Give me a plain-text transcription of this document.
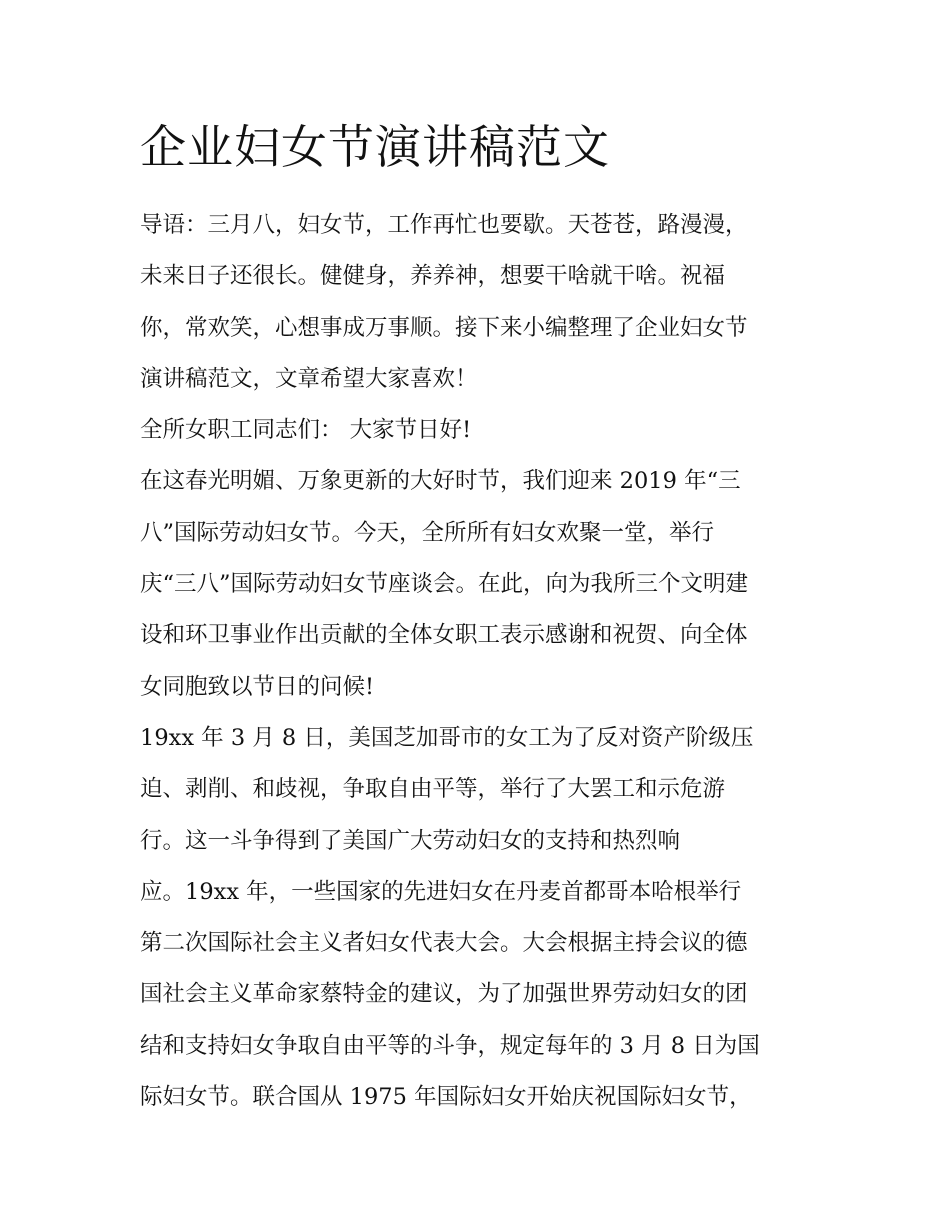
企业妇女节演讲稿范文
导语：三月八，妇女节，工作再忙也要歇。天苍苍，路漫漫，
未来日子还很长。健健身，养养神，想要干啥就干啥。祝福
你，常欢笑，心想事成万事顺。接下来小编整理了企业妇女节
演讲稿范文，文章希望大家喜欢！
全所女职工同志们： 大家节日好!
在这春光明媚、万象更新的大好时节，我们迎来 2019 年“三
八”国际劳动妇女节。今天，全所所有妇女欢聚一堂，举行
庆“三八”国际劳动妇女节座谈会。在此，向为我所三个文明建
设和环卫事业作出贡献的全体女职工表示感谢和祝贺、向全体
女同胞致以节日的问候!
19xx 年 3 月 8 日，美国芝加哥市的女工为了反对资产阶级压
迫、剥削、和歧视，争取自由平等，举行了大罢工和示危游
行。这一斗争得到了美国广大劳动妇女的支持和热烈响
应。19xx 年，一些国家的先进妇女在丹麦首都哥本哈根举行
第二次国际社会主义者妇女代表大会。大会根据主持会议的德
国社会主义革命家蔡特金的建议，为了加强世界劳动妇女的团
结和支持妇女争取自由平等的斗争，规定每年的 3 月 8 日为国
际妇女节。联合国从 1975 年国际妇女开始庆祝国际妇女节，
